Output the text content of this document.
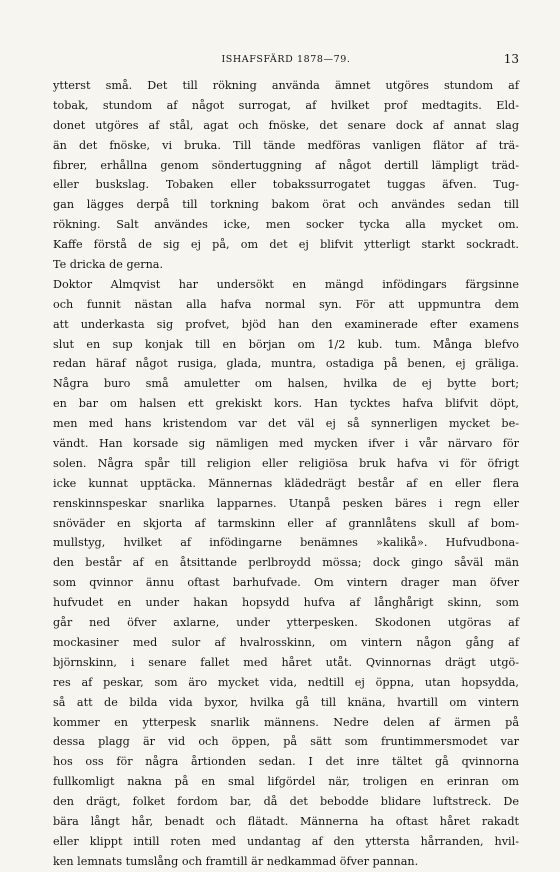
ISHAFSFÄRD 1878—79.	13
ytterst små. Det till rökning använda ämnet utgöres stundom af
tobak, stundom af något surrogat, af hvilket prof medtagits. Eld-
donet utgöres af stål, agat och fnöske, det senare dock af annat slag
än det fnöske, vi bruka. Till tände medföras vanligen flätor af trä-
fibrer, erhållna genom söndertuggning af något dertill lämpligt träd-
eller buskslag. Tobaken eller tobakssurrogatet tuggas äfven. Tug-
gan lägges derpå till torkning bakom örat och användes sedan till
rökning. Salt användes icke, men socker tycka alla mycket om.
Kaffe förstå de sig ej på, om det ej blifvit ytterligt starkt sockradt.
Te dricka de gerna.
Doktor Almqvist har undersökt en mängd infödingars färgsinne
och funnit nästan alla hafva normal syn. För att uppmuntra dem
att underkasta sig profvet, bjöd han den examinerade efter examens
slut en sup konjak till en början om 1/2 kub. tum. Många blefvo
redan häraf något rusiga, glada, muntra, ostadiga på benen, ej gräliga.
Några buro små amuletter om halsen, hvilka de ej bytte bort;
en bar om halsen ett grekiskt kors. Han tycktes hafva blifvit döpt,
men med hans kristendom var det väl ej så synnerligen mycket be-
vändt. Han korsade sig nämligen med mycken ifver i vår närvaro för
solen. Några spår till religion eller religiösa bruk hafva vi för öfrigt
icke kunnat upptäcka. Männernas klädedrägt består af en eller flera
renskinnspeskar snarlika lapparnes. Utanpå pesken bäres i regn eller
snöväder en skjorta af tarmskinn eller af grannlåtens skull af bom-
mullstyg, hvilket af infödingarne benämnes »kalikå». Hufvudbona-
den består af en åtsittande perlbroydd mössa; dock gingo såväl män
som qvinnor ännu oftast barhufvade. Om vintern drager man öfver
hufvudet en under hakan hopsydd hufva af långhårigt skinn, som
går ned öfver axlarne, under ytterpesken. Skodonen utgöras af
mockasiner med sulor af hvalrosskinn, om vintern någon gång af
björnskinn, i senare fallet med håret utåt. Qvinnornas drägt utgö-
res af peskar, som äro mycket vida, nedtill ej öppna, utan hopsydda,
så att de bilda vida byxor, hvilka gå till knäna, hvartill om vintern
kommer en ytterpesk snarlik männens. Nedre delen af ärmen på
dessa plagg är vid och öppen, på sätt som fruntimmersmodet var
hos oss för några årtionden sedan. I det inre tältet gå qvinnorna
fullkomligt nakna på en smal lifgördel när, troligen en erinran om
den drägt, folket fordom bar, då det bebodde blidare luftstreck. De
bära långt hår, benadt och flätadt. Männerna ha oftast håret rakadt
eller klippt intill roten med undantag af den yttersta hårranden, hvil-
ken lemnats tumslång och framtill är nedkammad öfver pannan.
